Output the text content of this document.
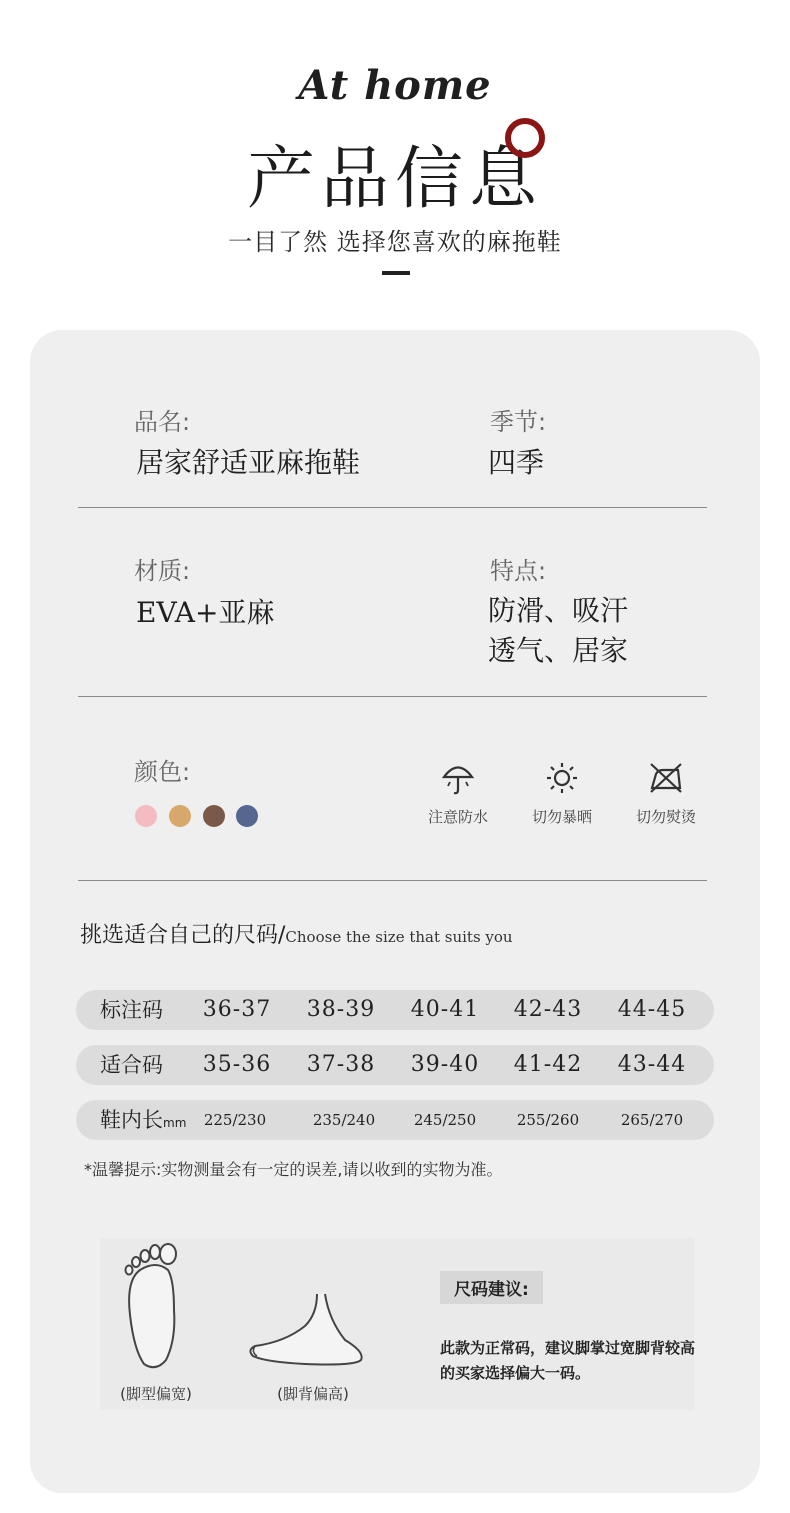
At home
产品信息
一目了然 选择您喜欢的麻拖鞋
品名:
居家舒适亚麻拖鞋
季节:
四季
材质:
EVA+亚麻
特点:
防滑、吸汗
透气、居家
颜色:
注意防水	切勿暴晒	切勿熨烫
挑选适合自己的尺码/Choose the size that suits you
标注码	36-37	38-39	40-41	42-43	44-45
适合码	35-36	37-38	39-40	41-42	43-44
鞋内长mm	225/230	235/240	245/250	255/260	265/270
*温馨提示:实物测量会有一定的误差,请以收到的实物为准。
(脚型偏宽)	(脚背偏高)
尺码建议:
此款为正常码，建议脚掌过宽脚背较高的买家选择偏大一码。
